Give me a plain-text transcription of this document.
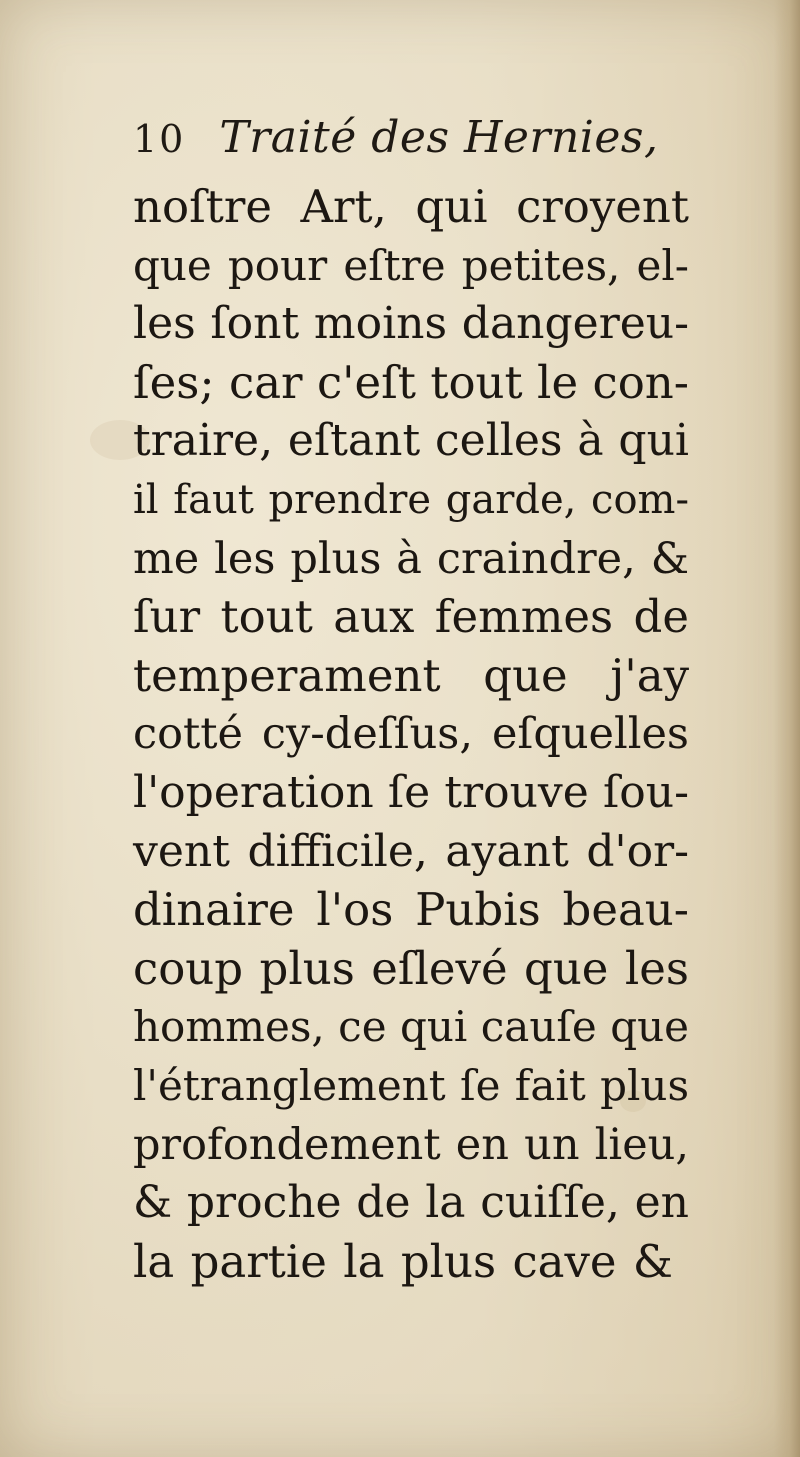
10 Traité des Hernies,
noſtre Art, qui croyent
que pour eſtre petites, el-
les ſont moins dangereu-
ſes; car c'eſt tout le con-
traire, eſtant celles à qui
il faut prendre garde, com-
me les plus à craindre, &
ſur tout aux femmes de
temperament que j'ay
cotté cy-deſſus, eſquelles
l'operation ſe trouve ſou-
vent difficile, ayant d'or-
dinaire l'os Pubis beau-
coup plus eſlevé que les
hommes, ce qui cauſe que
l'étranglement ſe fait plus
profondement en un lieu,
& proche de la cuiſſe, en
la partie la plus cave &
